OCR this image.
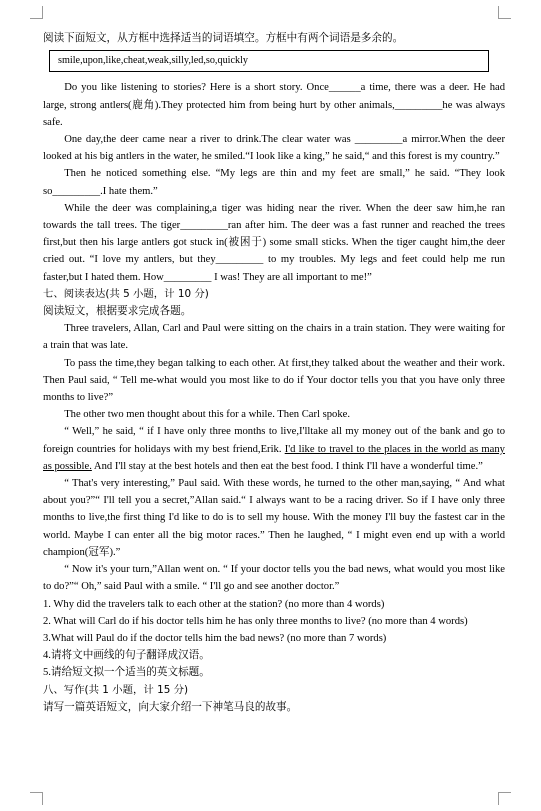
阅读下面短文，从方框中选择适当的词语填空。方框中有两个词语是多余的。

smile,upon,like,cheat,weak,silly,led,so,quickly

Do you like listening to stories? Here is a short story. Once______a time, there was a deer. He had large, strong antlers(鹿角).They protected him from being hurt by other animals,_________he was always safe.

One day,the deer came near a river to drink.The clear water was _________a mirror.When the deer looked at his big antlers in the water, he smiled.“I look like a king,” he said,“ and this forest is my country.”

Then he noticed something else. “My legs are thin and my feet are small,” he said. “They look so_________.I hate them.”

While the deer was complaining,a tiger was hiding near the river. When the deer saw him,he ran towards the tall trees. The tiger_________ran after him. The deer was a fast runner and reached the trees first,but then his large antlers got stuck in(被困于) some small sticks. When the tiger caught him,the deer cried out. “I love my antlers, but they_________ to my troubles. My legs and feet could help me run faster,but I hated them. How_________ I was! They are all important to me!”

七、阅读表达(共 5 小题，计 10 分)

阅读短文，根据要求完成各题。

Three travelers, Allan, Carl and Paul were sitting on the chairs in a train station. They were waiting for a train that was late.

To pass the time,they began talking to each other. At first,they talked about the weather and their work. Then Paul said, “ Tell me-what would you most like to do if Your doctor tells you that you have only three months to live?”

The other two men thought about this for a while. Then Carl spoke.

“ Well,” he said, “ if I have only three months to live,I'lltake all my money out of the bank and go to foreign countries for holidays with my best friend,Erik. I'd like to travel to the places in the world as many as possible. And I'll stay at the best hotels and then eat the best food. I think I'll have a wonderful time.”

“ That's very interesting,” Paul said. With these words, he turned to the other man,saying, “ And what about you?”“ I'll tell you a secret,”Allan said.“ I always want to be a racing driver. So if I have only three months to live,the first thing I'd like to do is to sell my house. With the money I'll buy the fastest car in the world. Maybe I can enter all the big motor races.” Then he laughed, “ I might even end up with a world champion(冠军).”

“ Now it's your turn,”Allan went on. “ If your doctor tells you the bad news, what would you most like to do?”“ Oh,” said Paul with a smile. “ I'll go and see another doctor.”

1. Why did the travelers talk to each other at the station? (no more than 4 words)

2. What will Carl do if his doctor tells him he has only three months to live? (no more than 4 words)

3.What will Paul do if the doctor tells him the bad news? (no more than 7 words)

4.请将文中画线的句子翻译成汉语。

5.请给短文拟一个适当的英文标题。

八、写作(共 1 小题，计 15 分)

请写一篇英语短文，向大家介绍一下神笔马良的故事。
